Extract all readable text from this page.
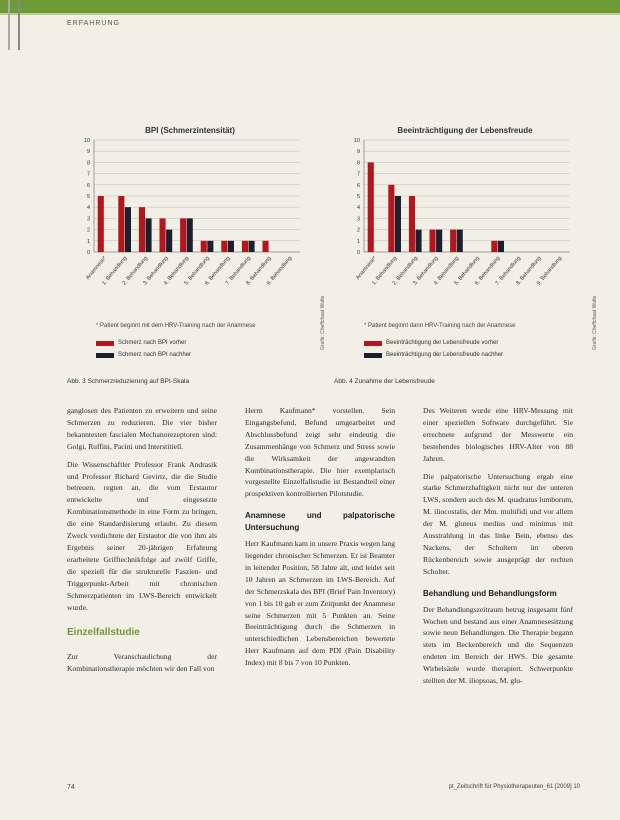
ERFAHRUNG
BPI (Schmerzintensität)
0
1
2
3
4
5
6
7
8
9
10
Anamnese*
1. Behandlung
2. Behandlung
3. Behandlung
4. Behandlung
5. Behandlung
6. Behandlung
7. Behandlung
8. Behandlung
9. Behandlung
* Patient beginnt mit dem HRV-Training nach der Anamnese
Schmerz nach BPI vorher
Schmerz nach BPI nachher
Grafik: Cheffchaat Wolte
Abb. 3 Schmerzreduzierung auf BPI-Skala
Beeinträchtigung der Lebensfreude
0
1
2
3
4
5
6
7
8
9
10
Anamnese*
1. Behandlung
2. Behandlung
3. Behandlung
4. Behandlung
5. Behandlung
6. Behandlung
7. Behandlung
8. Behandlung
9. Behandlung
* Patient beginnt dann HRV-Training nach der Anamnese
Beeinträchtigung der Lebensfreude vorher
Beeinträchtigung der Lebensfreude nachher
Grafik: Cheffchaat Wolte
Abb. 4 Zunahme der Lebensfreude

ganglosen des Patienten zu erweitern und seine Schmerzen zu reduzieren. Die vier bisher bekanntesten fascialen Mechanorezeptoren sind: Golgi, Ruffini, Pacini und Interstitiell.

Die Wissenschaftler Professor Frank Andrasik und Professor Richard Gevirtz, die die Studie betreuen, regten an, die vom Erstautor entwickelte und eingesetzte Kombinationsmethode in eine Form zu bringen, die eine Standardisierung erlaubt. Zu diesem Zweck verdichtete der Erstautor die von ihm als Ergebnis seiner 20-jährigen Erfahrung erarbeitete Grifftechnikfolge auf zwölf Griffe, die speziell für die strukturelle Faszien- und Triggerpunkt-Arbeit mit chronischen Schmerzpatienten im LWS-Bereich entwickelt wurde.

Einzelfallstudie

Zur Veranschaulichung der Kombinationstherapie möchten wir den Fall von

Herrn Kaufmann* vorstellen. Sein Eingangsbefund, Befund umgearbeitet und Abschlussbefund zeigt sehr eindeutig die Zusammenhänge von Schmerz und Stress sowie die Wirksamkeit der angewandten Kombinationstherapie. Die hier exemplarisch vorgestellte Einzelfallstudie ist Bestandteil einer prospektiven kontrollierten Pilotstudie.

Anamnese und palpatorische Untersuchung

Herr Kaufmann kam in unsere Praxis wegen lang liegender chronischer Schmerzen. Er ist Beamter in leitender Position, 58 Jahre alt, und leidet seit 10 Jahren an Schmerzen im LWS-Bereich. Auf der Schmerzskala des BPI (Brief Pain Inventory) von 1 bis 10 gab er zum Zeitpunkt der Anamnese seine Schmerzen mit 5 Punkten an. Seine Beeinträchtigung durch die Schmerzen in unterschiedlichen Lebensbereichen bewertete Herr Kaufmann auf dem PDI (Pain Disability Index) mit 8 bis 7 von 10 Punkten.

Des Weiteren wurde eine HRV-Messung mit einer speziellen Software durchgeführt. Sie errechnete aufgrund der Messwerte ein bestehendes biologisches HRV-Alter von 88 Jahren.

Die palpatorische Untersuchung ergab eine starke Schmerzhaftigkeit nicht nur der unteren LWS, sondern auch des M. quadratus lumborum, M. iliocostalis, der Mm. multifidi und vor allem der M. gluteus medius und minimus mit Ausstrahlung in das linke Bein, ebenso des Nackens, der Schultern im oberen Rückenbereich sowie ausgeprägt der rechten Schulter.

Behandlung und Behandlungsform

Der Behandlungszeitraum betrug insgesamt fünf Wochen und bestand aus einer Anamnesesitzung sowie neun Behandlungen. Die Therapie begann stets im Beckenbereich und die Sequenzen endeten im Bereich der HWS. Die gesamte Wirbelsäule wurde therapiert. Schwerpunkte stellten der M. iliopsoas, M. glu-

74	pt_Zeitschrift für Physiotherapeuten_61 [2009] 10
